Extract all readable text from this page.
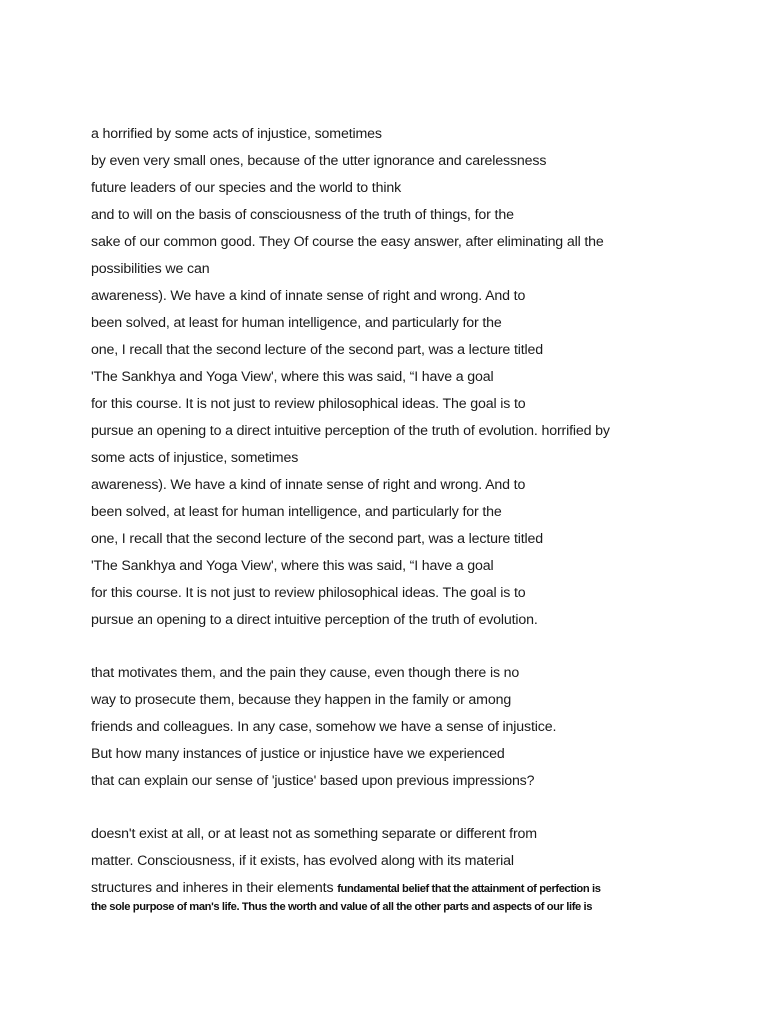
a horrified by some acts of injustice, sometimes
by even very small ones, because of the utter ignorance and carelessness
future leaders of our species and the world to think
and to will on the basis of consciousness of the truth of things, for the
sake of our common good. They Of course the easy answer, after eliminating all the
possibilities we can
awareness). We have a kind of innate sense of right and wrong. And to
been solved, at least for human intelligence, and particularly for the
one, I recall that the second lecture of the second part, was a lecture titled
'The Sankhya and Yoga View', where this was said, “I have a goal
for this course. It is not just to review philosophical ideas. The goal is to
pursue an opening to a direct intuitive perception of the truth of evolution. horrified by
some acts of injustice, sometimes
awareness). We have a kind of innate sense of right and wrong. And to
been solved, at least for human intelligence, and particularly for the
one, I recall that the second lecture of the second part, was a lecture titled
'The Sankhya and Yoga View', where this was said, “I have a goal
for this course. It is not just to review philosophical ideas. The goal is to
pursue an opening to a direct intuitive perception of the truth of evolution.
that motivates them, and the pain they cause, even though there is no
way to prosecute them, because they happen in the family or among
friends and colleagues. In any case, somehow we have a sense of injustice.
But how many instances of justice or injustice have we experienced
that can explain our sense of 'justice' based upon previous impressions?
doesn't exist at all, or at least not as something separate or different from
matter. Consciousness, if it exists, has evolved along with its material
structures and inheres in their elements fundamental belief that the attainment of perfection is
the sole purpose of man's life. Thus the worth and value of all the other parts and aspects of our life is
